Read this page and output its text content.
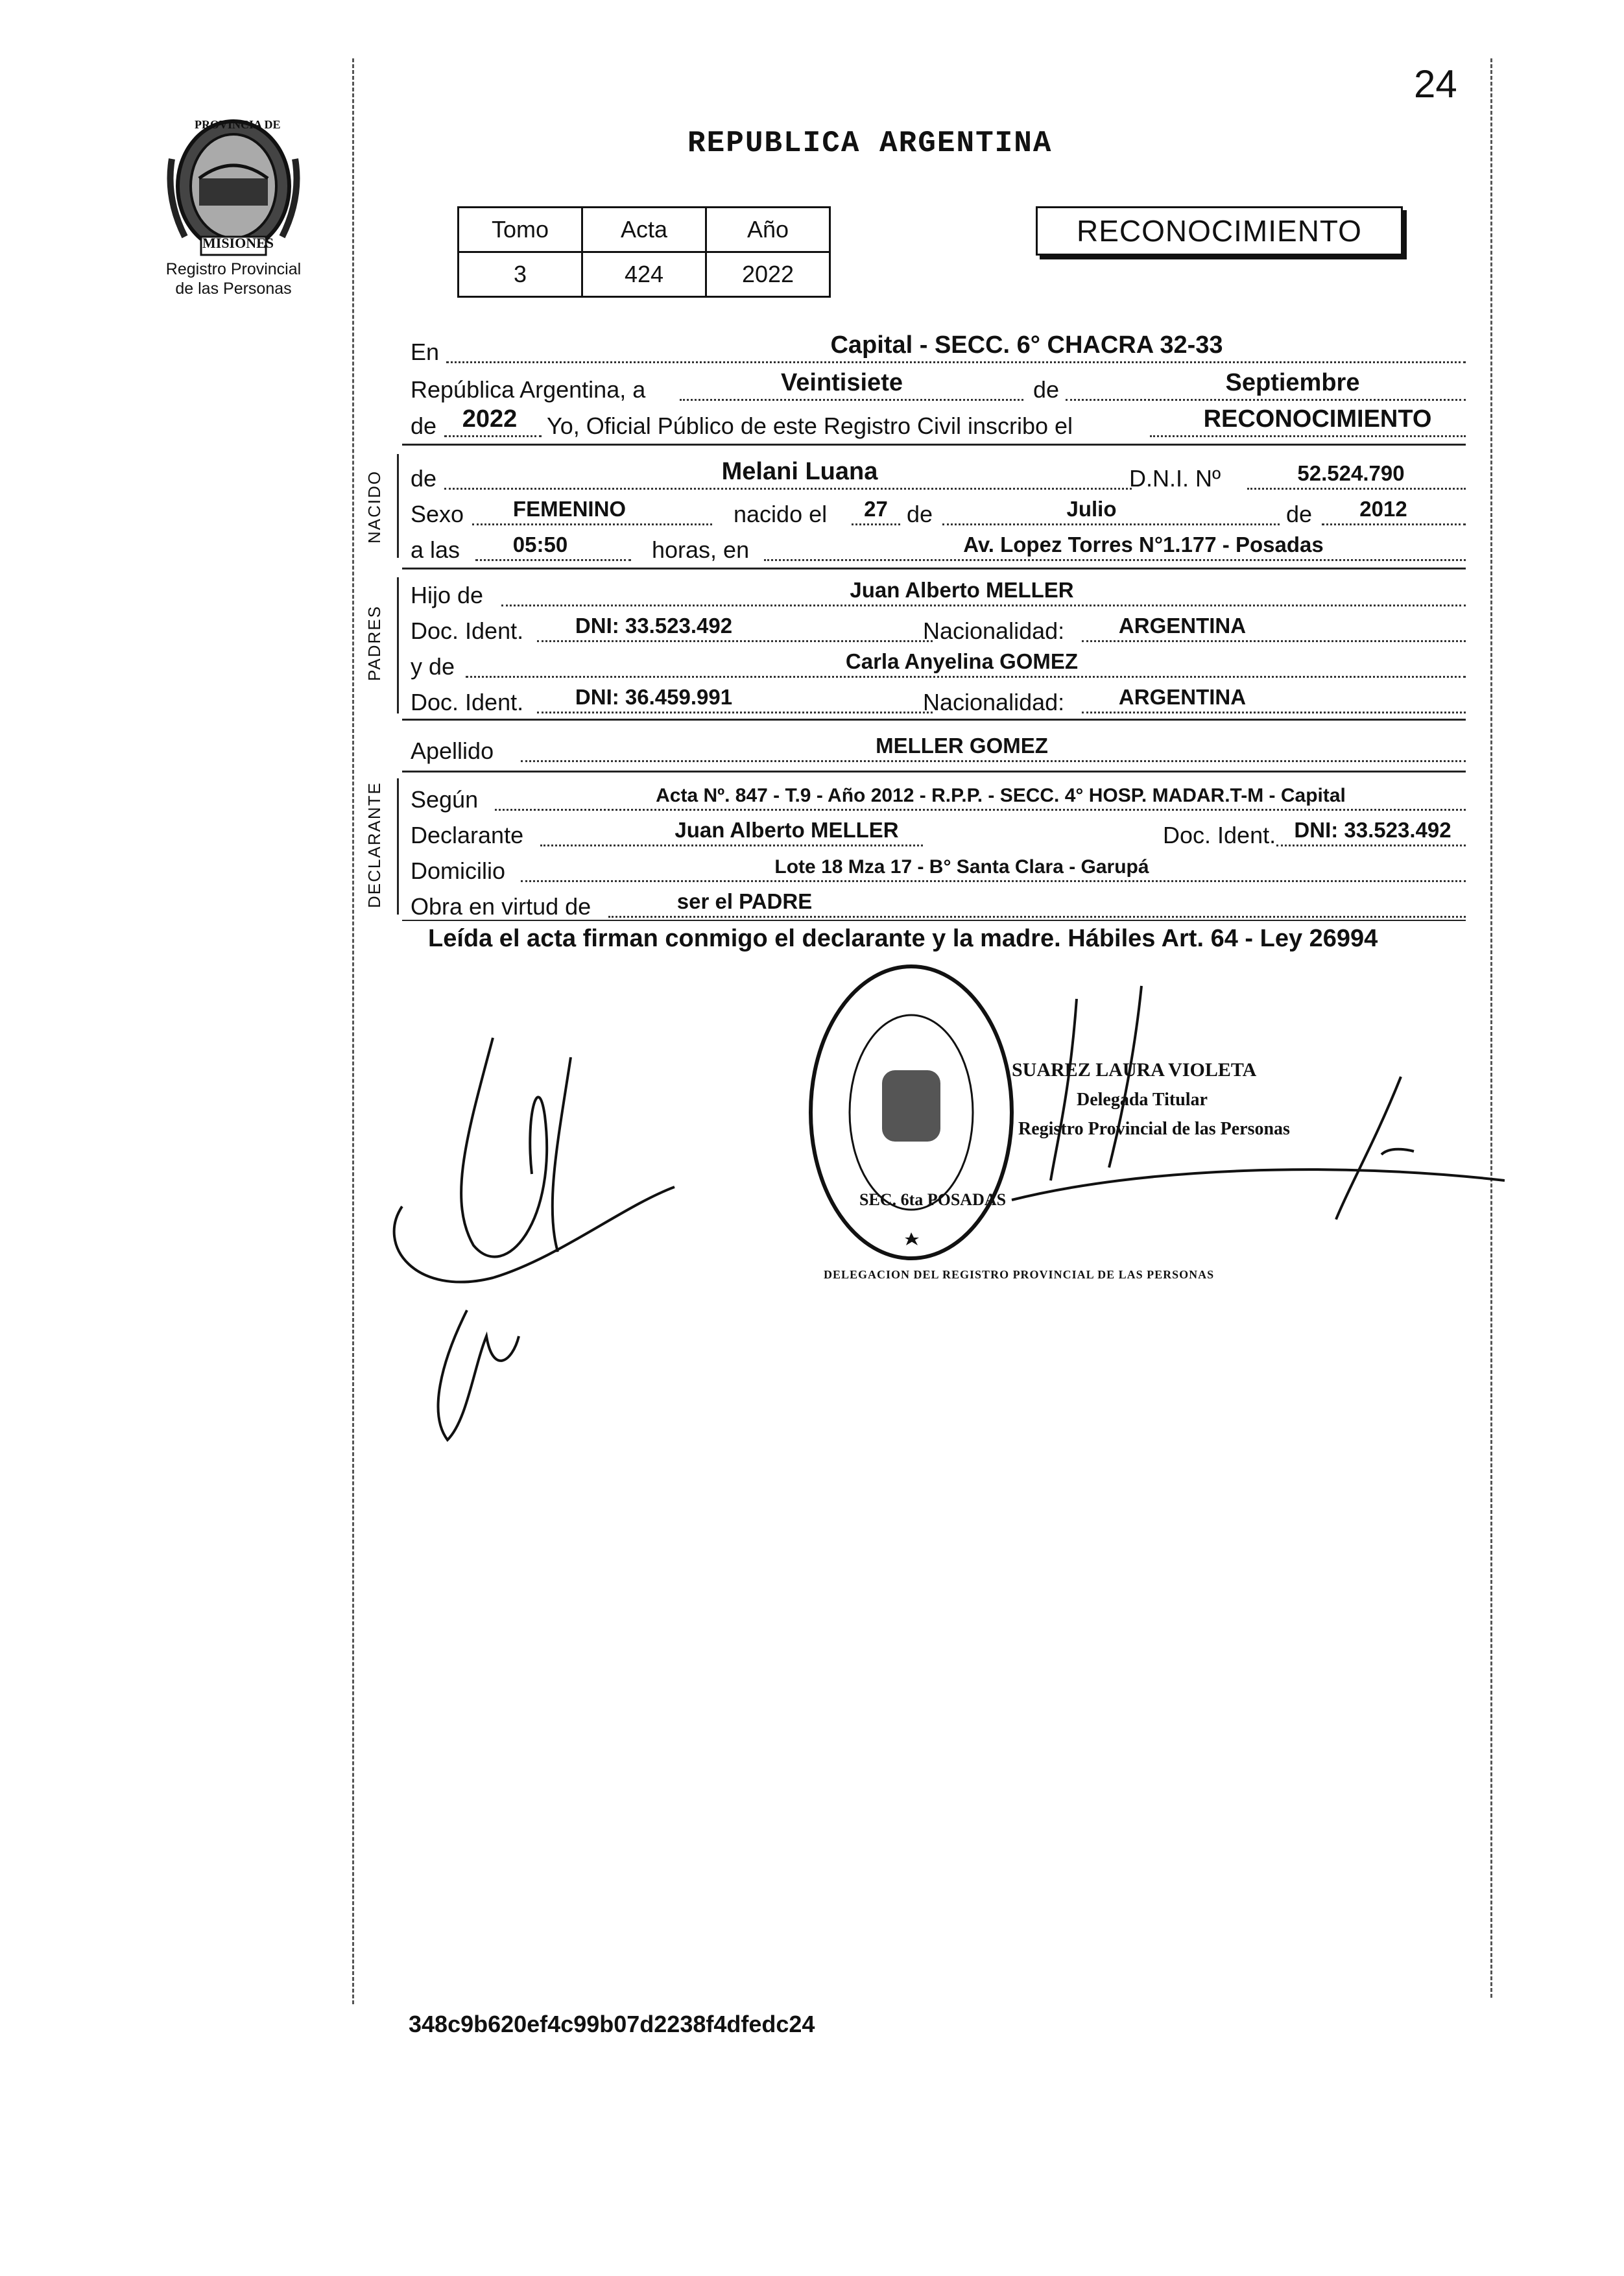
24
PROVINCIA DE
MISIONES
Registro Provincial
de las Personas
REPUBLICA ARGENTINA
Tomo	Acta	Año
3	424	2022
RECONOCIMIENTO
En	Capital - SECC. 6° CHACRA 32-33
República Argentina, a	Veintisiete	de	Septiembre
de	2022	Yo, Oficial Público de este Registro Civil inscribo el	RECONOCIMIENTO
NACIDO de	Melani Luana	D.N.I. Nº	52.524.790
Sexo	FEMENINO	nacido el	27 de	Julio	de	2012
a las	05:50	horas, en	Av. Lopez Torres N°1.177 - Posadas
PADRES
Hijo de	Juan Alberto MELLER
Doc. Ident.	DNI: 33.523.492	Nacionalidad:	ARGENTINA
y de	Carla Anyelina GOMEZ
Doc. Ident.	DNI: 36.459.991	Nacionalidad:	ARGENTINA
Apellido	MELLER GOMEZ
DECLARANTE Según	Acta Nº. 847 - T.9 - Año 2012 - R.P.P. - SECC. 4° HOSP. MADAR.T-M - Capital
Declarante	Juan Alberto MELLER	Doc. Ident. DNI: 33.523.492
Domicilio	Lote 18 Mza 17 - B° Santa Clara - Garupá
Obra en virtud de	ser el PADRE
Leída el acta firman conmigo el declarante y la madre. Hábiles Art. 64 - Ley 26994
DELEGACION DEL REGISTRO PROVINCIAL DE LAS PERSONAS
SEC. 6ta POSADAS
SUAREZ LAURA VIOLETA
Delegada Titular
Registro Provincial de las Personas
348c9b620ef4c99b07d2238f4dfedc24
